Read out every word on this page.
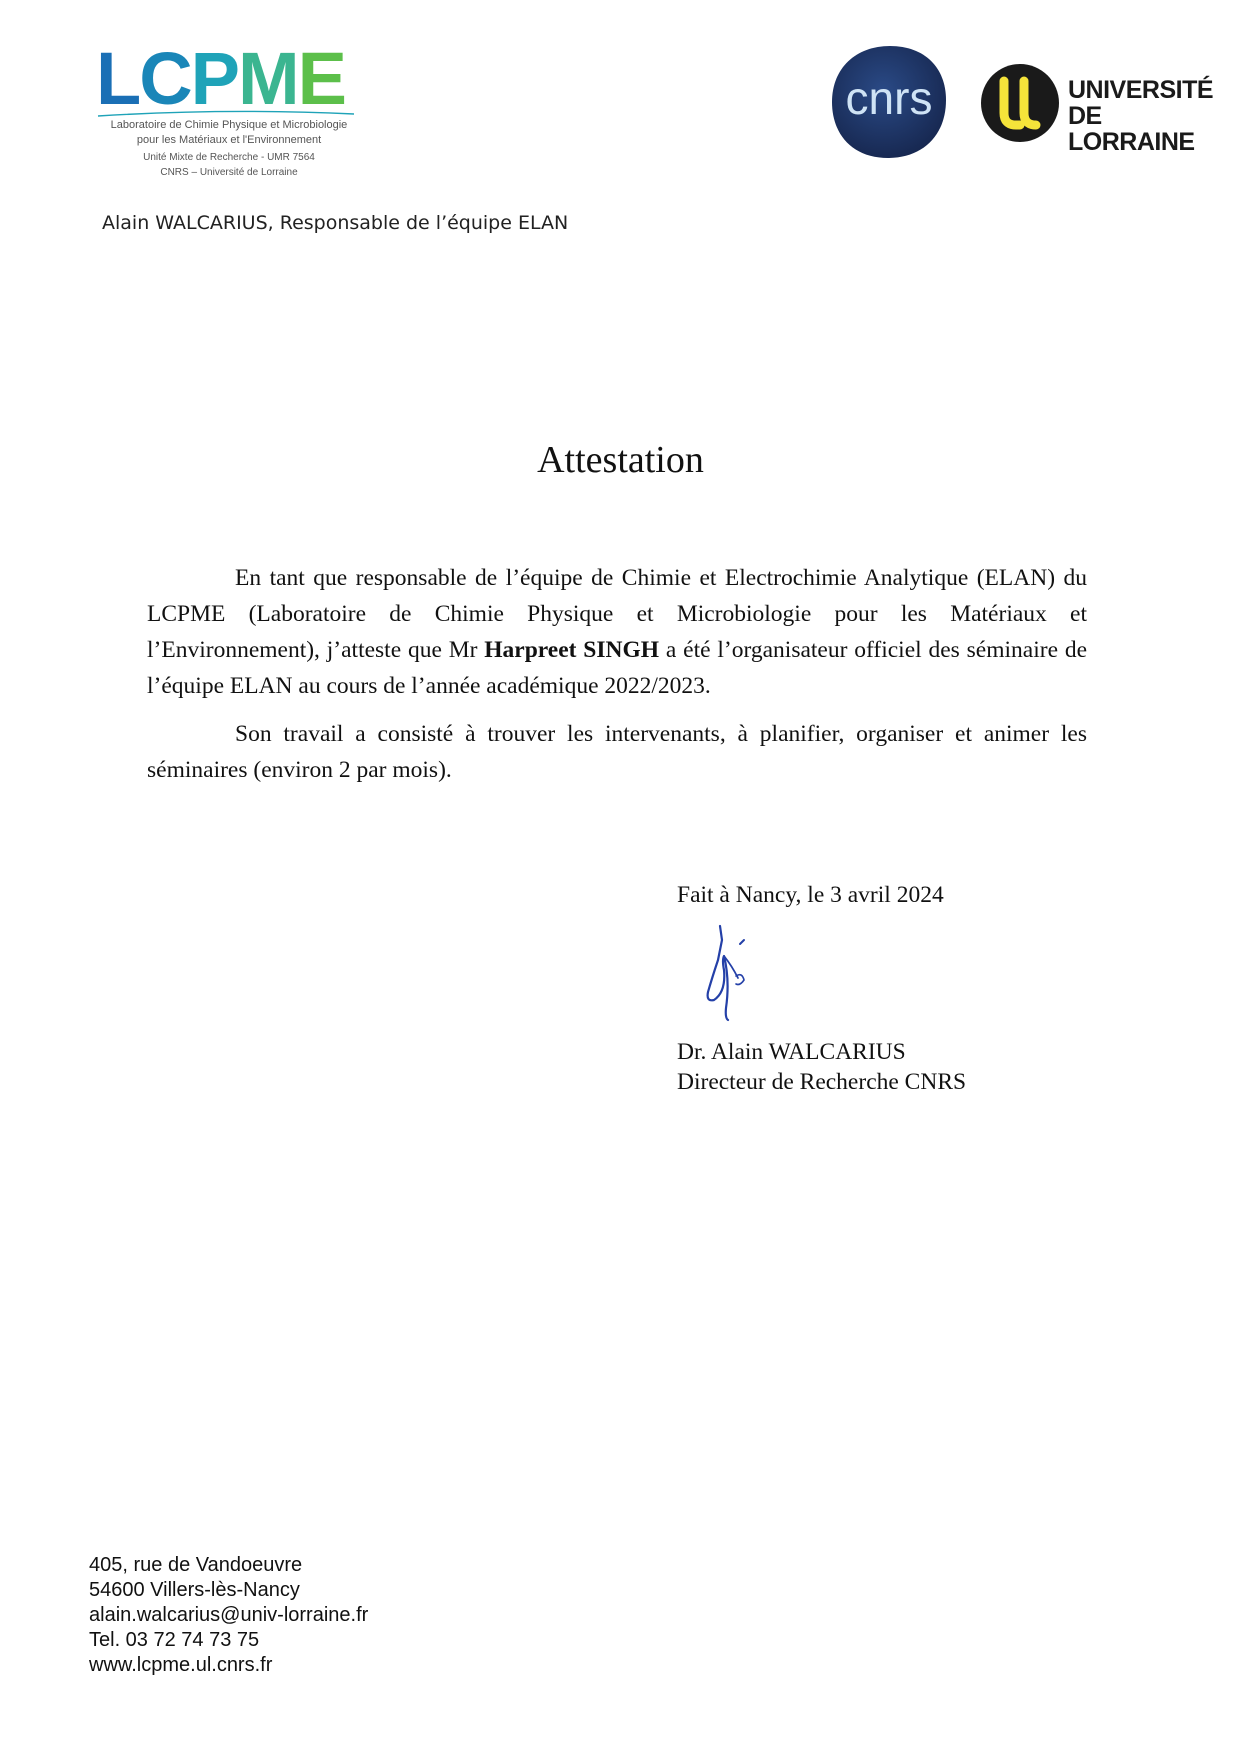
LCPME
Laboratoire de Chimie Physique et Microbiologie
pour les Matériaux et l'Environnement
Unité Mixte de Recherche - UMR 7564
CNRS – Université de Lorraine
cnrs	UNIVERSITÉ
DE LORRAINE
Alain WALCARIUS, Responsable de l’équipe ELAN
Attestation

En tant que responsable de l’équipe de Chimie et Electrochimie Analytique (ELAN) du LCPME (Laboratoire de Chimie Physique et Microbiologie pour les Matériaux et l’Environnement), j’atteste que Mr Harpreet SINGH a été l’organisateur officiel des séminaire de l’équipe ELAN au cours de l’année académique 2022/2023.

Son travail a consisté à trouver les intervenants, à planifier, organiser et animer les séminaires (environ 2 par mois).

Fait à Nancy, le 3 avril 2024
Dr. Alain WALCARIUS
Directeur de Recherche CNRS
405, rue de Vandoeuvre
54600 Villers-lès-Nancy
alain.walcarius@univ-lorraine.fr
Tel. 03 72 74 73 75
www.lcpme.ul.cnrs.fr
